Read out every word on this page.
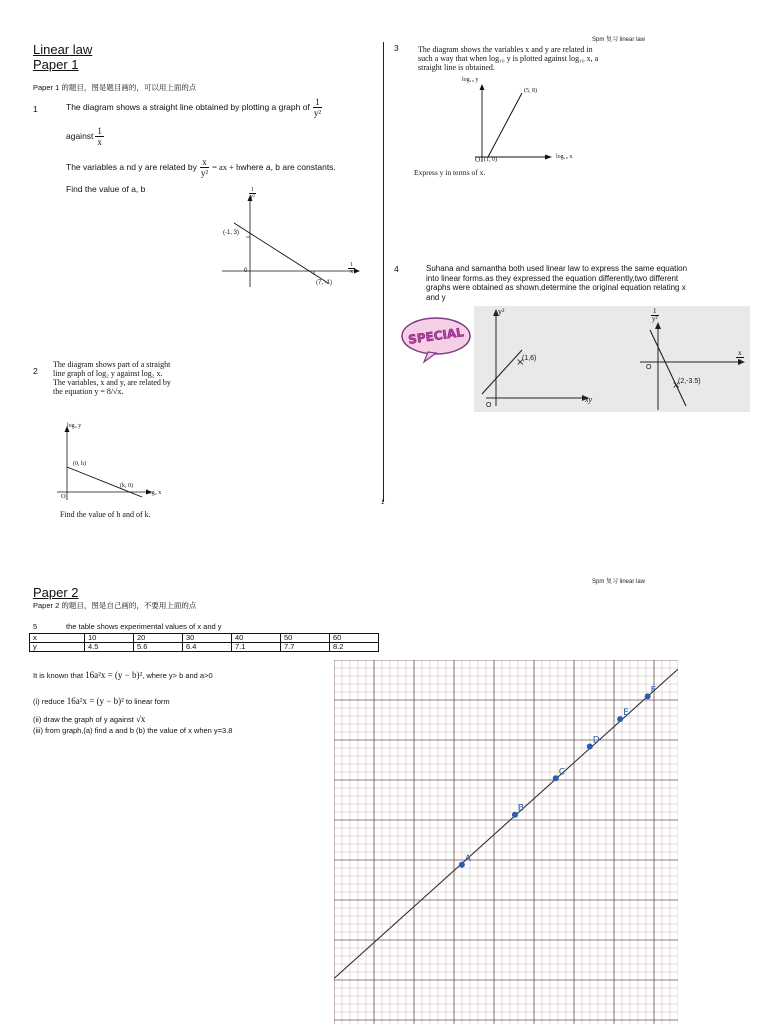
Spm 复习 linear law
Linear law
Paper 1
Paper 1 的题目，图是题目画的，可以用上面的点
1	The diagram shows a straight line obtained by plotting a graph of $\frac{1}{\text{y²}}$
against $\frac{1}{x}$
The variables a nd y are related by $\frac{x}{\text{y²}}$ = ax + b where a, b are constants.
Find the value of a, b	$\frac{1}{\text{y²}}$
$\frac{1}{x}$
0
(-1, 3)
(7, -1)
2
The diagram shows part of a straight
line graph of log₂ y against log₂ x.
The variables, x and y, are related by
the equation y = 8/√x.
log₂ y
log₂ x
O
(0, h)
(k, 0)
Find the value of h and of k.
1
3 The diagram shows the variables x and y are related in
such a way that when log₁₀ y is plotted against log₁₀ x, a
straight line is obtained.
log₁₀ y
log₁₀ x
O
(5, 8)
(1, 0)
Express y in terms of x.
4	Suhana and samantha both used linear law to express the same equation
into linear forms.as they expressed the equation differently,two different
graphs were obtained as shown,determine the original equation relating x
and y
SPECIAL
×
y²
xy
O
(1,6)
×
$\frac{1}{\text{y²}}$
$\frac{x}{y}$
O
(2,-3.5)
Spm 复习 linear law
Paper 2
Paper 2 的题目，图是自己画的，不要用上面的点
5	the table shows experimental values of x and y
x	10	20	30	40	50	60
y	4.5	5.6	6.4	7.1	7.7	8.2
It is known that 16a²x = (y − b)², where y> b and a>0
(i) reduce 16a²x = (y − b)² to linear form
(ii) draw the graph of y against √x
(iii) from graph,(a) find a and b (b) the value of x when y=3.8
A
B
C
D
E
F
